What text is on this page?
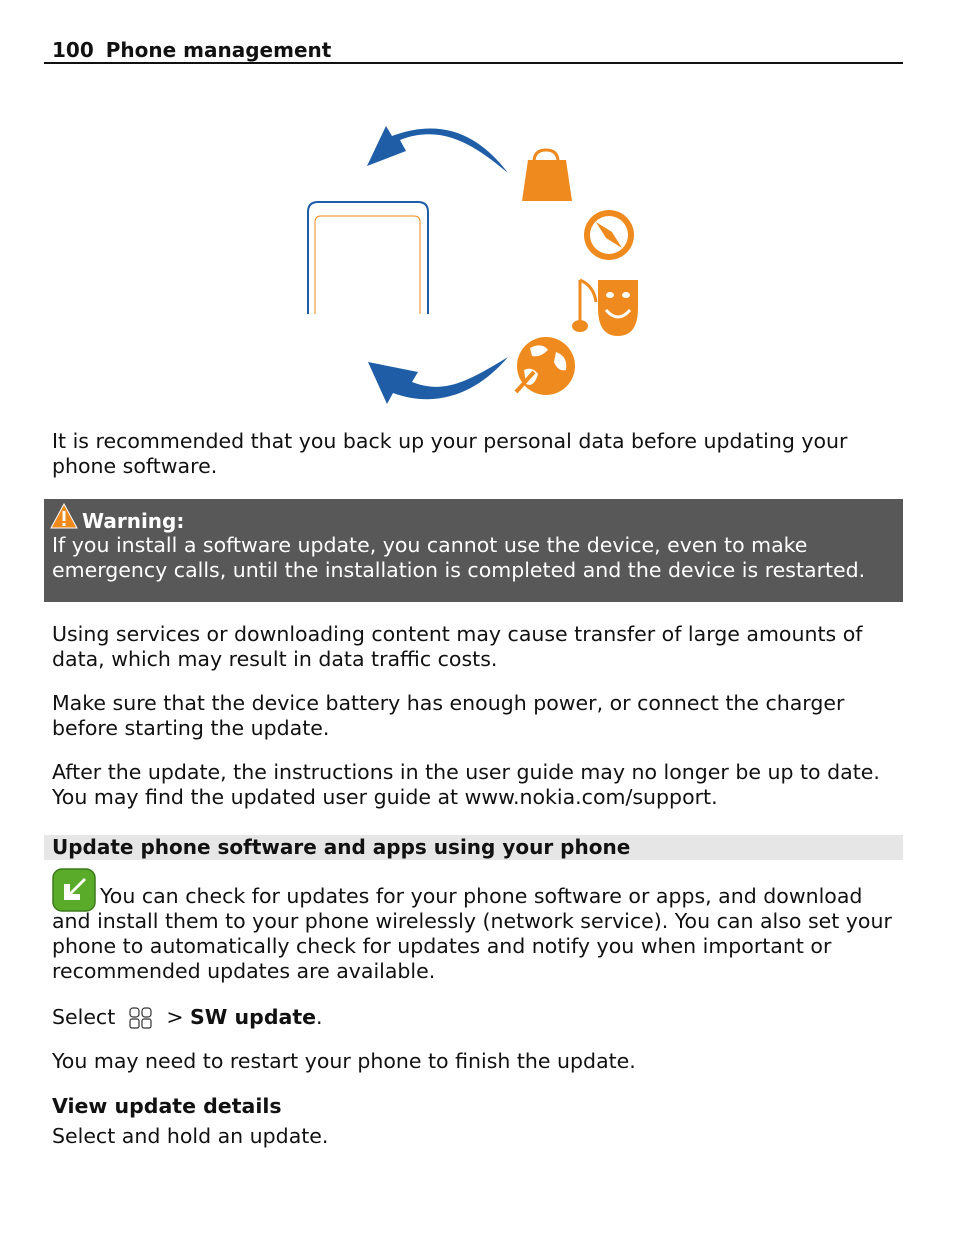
100 Phone management

It is recommended that you back up your personal data before updating your phone software.

Warning:
If you install a software update, you cannot use the device, even to make emergency calls, until the installation is completed and the device is restarted.

Using services or downloading content may cause transfer of large amounts of data, which may result in data traffic costs.

Make sure that the device battery has enough power, or connect the charger before starting the update.

After the update, the instructions in the user guide may no longer be up to date. You may find the updated user guide at www.nokia.com/support.

Update phone software and apps using your phone

You can check for updates for your phone software or apps, and download and install them to your phone wirelessly (network service). You can also set your phone to automatically check for updates and notify you when important or recommended updates are available.

Select > SW update.

You may need to restart your phone to finish the update.

View update details

Select and hold an update.
